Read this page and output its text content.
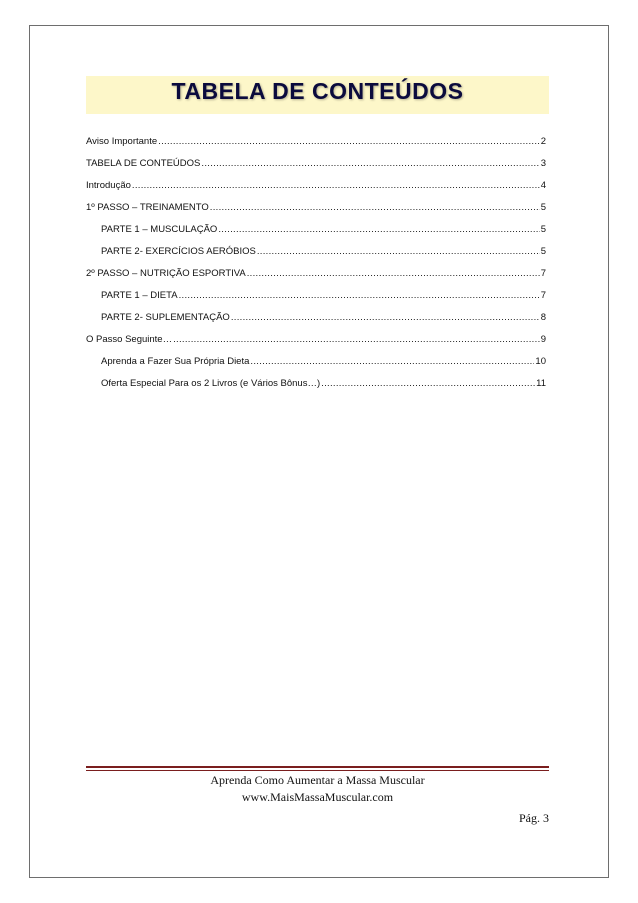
TABELA DE CONTEÚDOS
Aviso Importante .....	2
TABELA DE CONTEÚDOS .....	3
Introdução .....	4
1º PASSO – TREINAMENTO .....	5
PARTE 1 – MUSCULAÇÃO .....	5
PARTE 2- EXERCÍCIOS AERÓBIOS .....	5
2º PASSO – NUTRIÇÃO ESPORTIVA .....	7
PARTE 1 – DIETA .....	7
PARTE 2- SUPLEMENTAÇÃO .....	8
O Passo Seguinte… .....	9
Aprenda a Fazer Sua Própria Dieta .....	10
Oferta Especial Para os 2 Livros (e Vários Bônus…) .....	11
Aprenda Como Aumentar a Massa Muscular
www.MaisMassaMuscular.com
Pág. 3
